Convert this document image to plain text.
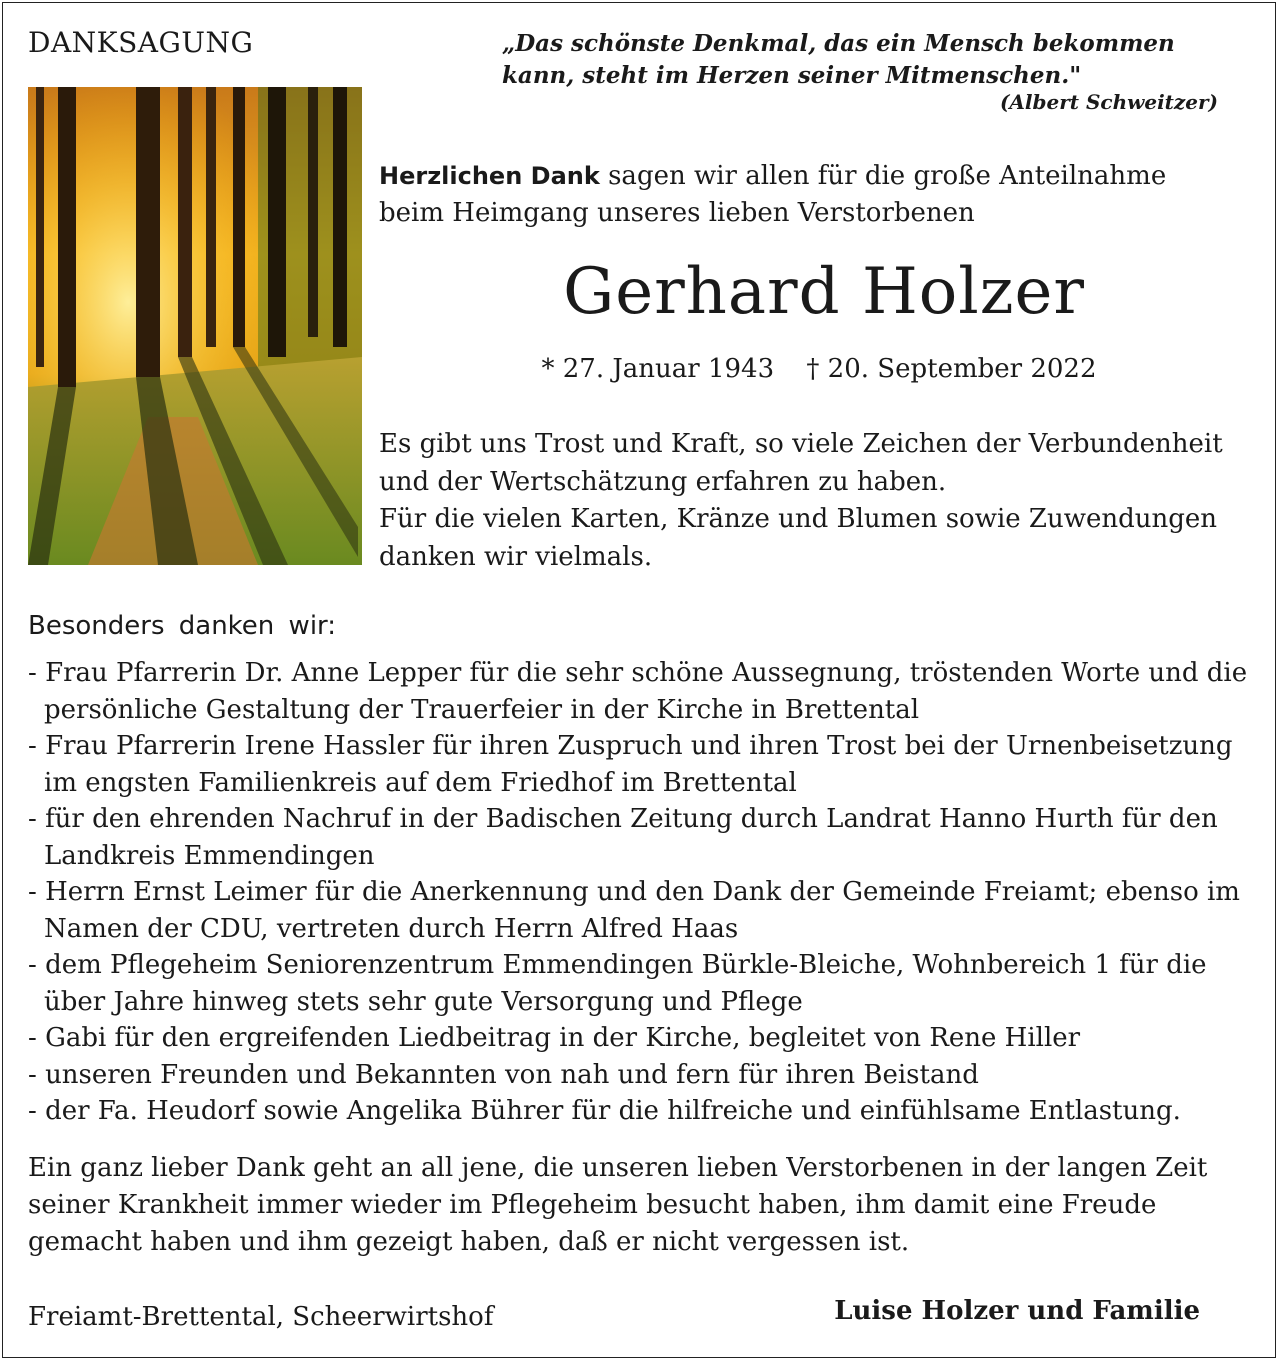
DANKSAGUNG	„Das schönste Denkmal, das ein Mensch bekommen kann, steht im Herzen seiner Mitmenschen."
(Albert Schweitzer)
Herzlichen Dank sagen wir allen für die große Anteilnahme beim Heimgang unseres lieben Verstorbenen
Gerhard Holzer
* 27. Januar 1943 † 20. September 2022

Es gibt uns Trost und Kraft, so viele Zeichen der Verbundenheit und der Wertschätzung erfahren zu haben.

Für die vielen Karten, Kränze und Blumen sowie Zuwendungen danken wir vielmals.

Besonders danken wir:
- Frau Pfarrerin Dr. Anne Lepper für die sehr schöne Aussegnung, tröstenden Worte und die persönliche Gestaltung der Trauerfeier in der Kirche in Brettental
- Frau Pfarrerin Irene Hassler für ihren Zuspruch und ihren Trost bei der Urnenbeisetzung im engsten Familienkreis auf dem Friedhof im Brettental
- für den ehrenden Nachruf in der Badischen Zeitung durch Landrat Hanno Hurth für den Landkreis Emmendingen
- Herrn Ernst Leimer für die Anerkennung und den Dank der Gemeinde Freiamt; ebenso im Namen der CDU, vertreten durch Herrn Alfred Haas
- dem Pflegeheim Seniorenzentrum Emmendingen Bürkle-Bleiche, Wohnbereich 1 für die über Jahre hinweg stets sehr gute Versorgung und Pflege
- Gabi für den ergreifenden Liedbeitrag in der Kirche, begleitet von Rene Hiller
- unseren Freunden und Bekannten von nah und fern für ihren Beistand
- der Fa. Heudorf sowie Angelika Bührer für die hilfreiche und einfühlsame Entlastung.
Ein ganz lieber Dank geht an all jene, die unseren lieben Verstorbenen in der langen Zeit seiner Krankheit immer wieder im Pflegeheim besucht haben, ihm damit eine Freude gemacht haben und ihm gezeigt haben, daß er nicht vergessen ist.
Freiamt-Brettental, Scheerwirtshof	Luise Holzer und Familie
